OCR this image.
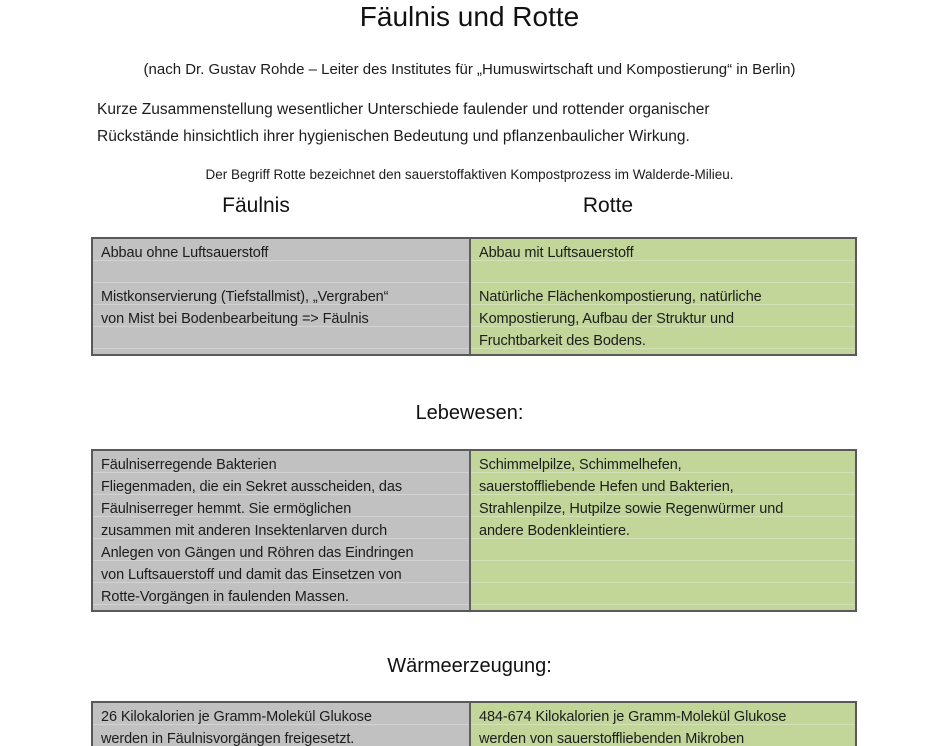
Fäulnis und Rotte
(nach Dr. Gustav Rohde – Leiter des Institutes für „Humuswirtschaft und Kompostierung“ in Berlin)
Kurze Zusammenstellung wesentlicher Unterschiede faulender und rottender organischer
Rückstände hinsichtlich ihrer hygienischen Bedeutung und pflanzenbaulicher Wirkung.
Der Begriff Rotte bezeichnet den sauerstoffaktiven Kompostprozess im Walderde-Milieu.
Fäulnis	Rotte
Abbau ohne Luftsauerstoff
Mistkonservierung (Tiefstallmist), „Vergraben“
von Mist bei Bodenbearbeitung => Fäulnis
Abbau mit Luftsauerstoff
Natürliche Flächenkompostierung, natürliche
Kompostierung, Aufbau der Struktur und
Fruchtbarkeit des Bodens.
Lebewesen:
Fäulniserregende Bakterien
Fliegenmaden, die ein Sekret ausscheiden, das
Fäulniserreger hemmt. Sie ermöglichen
zusammen mit anderen Insektenlarven durch
Anlegen von Gängen und Röhren das Eindringen
von Luftsauerstoff und damit das Einsetzen von
Rotte-Vorgängen in faulenden Massen.
Schimmelpilze, Schimmelhefen,
sauerstoffliebende Hefen und Bakterien,
Strahlenpilze, Hutpilze sowie Regenwürmer und
andere Bodenkleintiere.
Wärmeerzeugung:
26 Kilokalorien je Gramm-Molekül Glukose
werden in Fäulnisvorgängen freigesetzt.
484-674 Kilokalorien je Gramm-Molekül Glukose
werden von sauerstoffliebenden Mikroben
